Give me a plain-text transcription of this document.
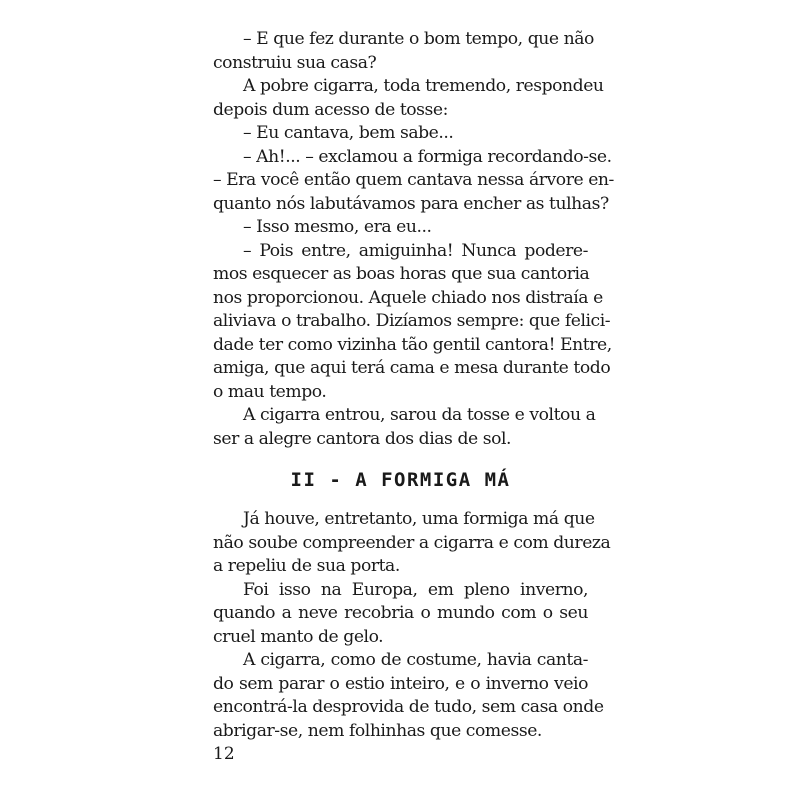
– E que fez durante o bom tempo, que não
construiu sua casa?

A pobre cigarra, toda tremendo, respondeu
depois dum acesso de tosse:

– Eu cantava, bem sabe...

– Ah!... – exclamou a formiga recordando-se.
– Era você então quem cantava nessa árvore en-
quanto nós labutávamos para encher as tulhas?

– Isso mesmo, era eu...

– Pois entre, amiguinha! Nunca podere-
mos esquecer as boas horas que sua cantoria
nos proporcionou. Aquele chiado nos distraía e
aliviava o trabalho. Dizíamos sempre: que felici-
dade ter como vizinha tão gentil cantora! Entre,
amiga, que aqui terá cama e mesa durante todo
o mau tempo.

A cigarra entrou, sarou da tosse e voltou a
ser a alegre cantora dos dias de sol.

II - A FORMIGA MÁ

Já houve, entretanto, uma formiga má que
não soube compreender a cigarra e com dureza
a repeliu de sua porta.

Foi isso na Europa, em pleno inverno,
quando a neve recobria o mundo com o seu
cruel manto de gelo.

A cigarra, como de costume, havia canta-
do sem parar o estio inteiro, e o inverno veio
encontrá-la desprovida de tudo, sem casa onde
abrigar-se, nem folhinhas que comesse.

12
